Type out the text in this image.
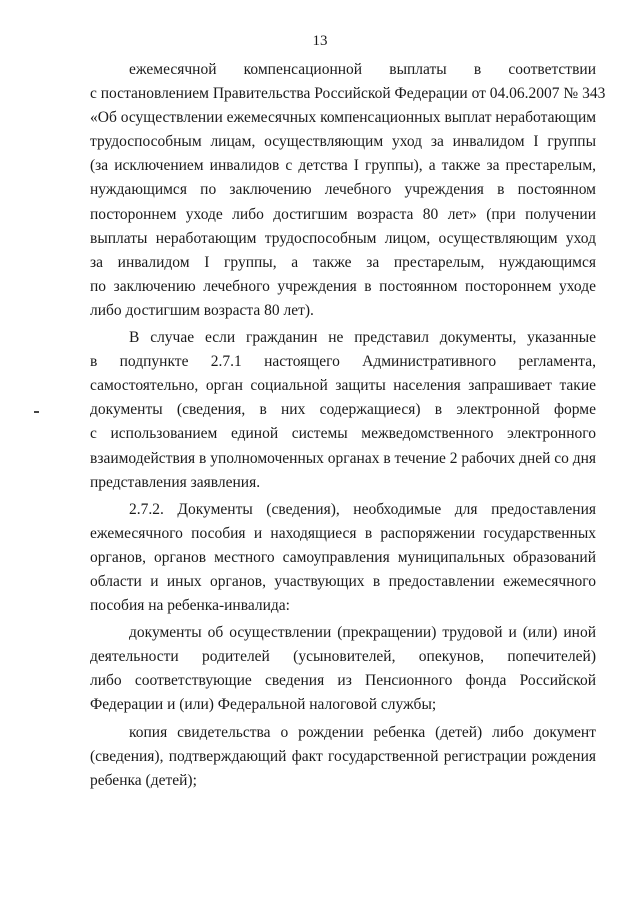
13
ежемесячной компенсационной выплаты в соответствии
с постановлением Правительства Российской Федерации от 04.06.2007 № 343
«Об осуществлении ежемесячных компенсационных выплат неработающим
трудоспособным лицам, осуществляющим уход за инвалидом I группы
(за исключением инвалидов с детства I группы), а также за престарелым,
нуждающимся по заключению лечебного учреждения в постоянном
постороннем уходе либо достигшим возраста 80 лет» (при получении
выплаты неработающим трудоспособным лицом, осуществляющим уход
за инвалидом I группы, а также за престарелым, нуждающимся
по заключению лечебного учреждения в постоянном постороннем уходе
либо достигшим возраста 80 лет).
В случае если гражданин не представил документы, указанные
в подпункте 2.7.1 настоящего Административного регламента,
самостоятельно, орган социальной защиты населения запрашивает такие
документы (сведения, в них содержащиеся) в электронной форме
с использованием единой системы межведомственного электронного
взаимодействия в уполномоченных органах в течение 2 рабочих дней со дня
представления заявления.
2.7.2. Документы (сведения), необходимые для предоставления
ежемесячного пособия и находящиеся в распоряжении государственных
органов, органов местного самоуправления муниципальных образований
области и иных органов, участвующих в предоставлении ежемесячного
пособия на ребенка-инвалида:
документы об осуществлении (прекращении) трудовой и (или) иной
деятельности родителей (усыновителей, опекунов, попечителей)
либо соответствующие сведения из Пенсионного фонда Российской
Федерации и (или) Федеральной налоговой службы;
копия свидетельства о рождении ребенка (детей) либо документ
(сведения), подтверждающий факт государственной регистрации рождения
ребенка (детей);
